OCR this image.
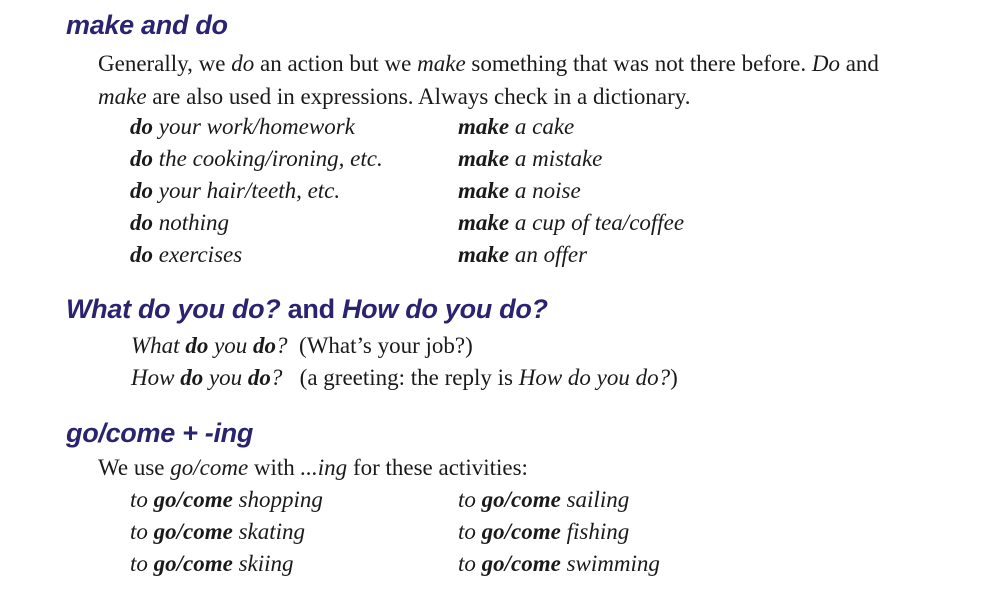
make and do

Generally, we do an action but we make something that was not there before. Do and

make are also used in expressions. Always check in a dictionary.

do your work/homework
do the cooking/ironing, etc.
do your hair/teeth, etc.
do nothing
do exercises
make a cake
make a mistake
make a noise
make a cup of tea/coffee
make an offer
What do you do? and How do you do?
What do you do?  (What’s your job?)
How do you do?   (a greeting: the reply is How do you do?)
go/come + -ing
We use go/come with ...ing for these activities:
to go/come shopping
to go/come skating
to go/come skiing
to go/come sailing
to go/come fishing
to go/come swimming
